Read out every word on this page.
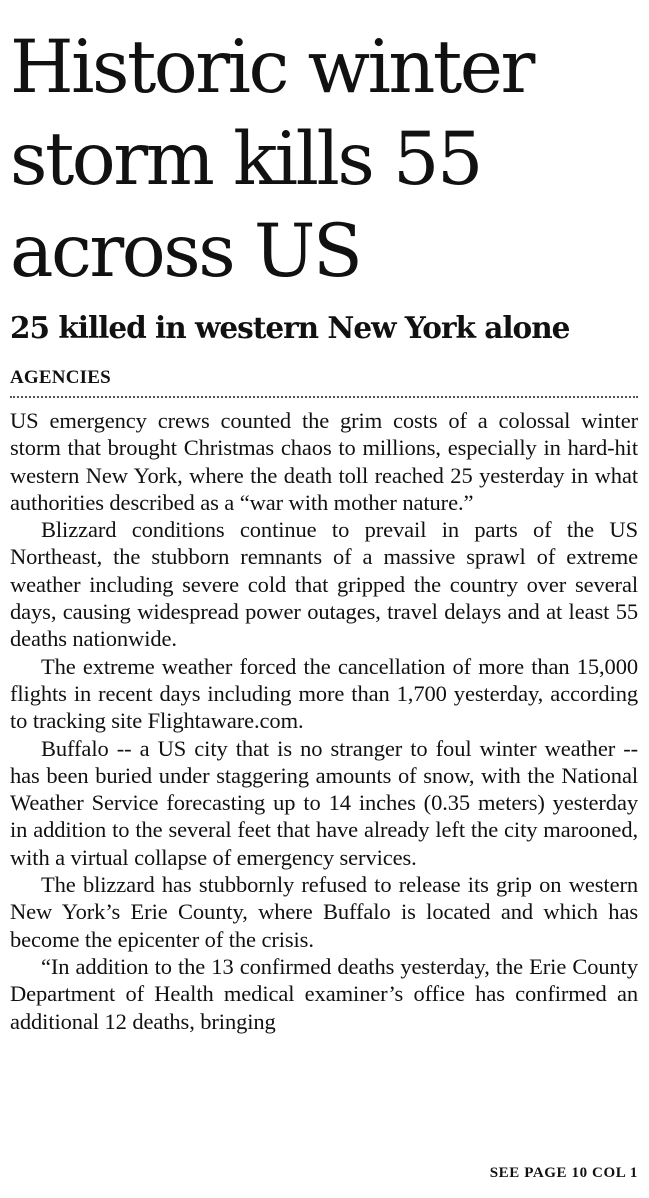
Historic winter
storm kills 55
across US
25 killed in western New York alone
AGENCIES

US emergency crews counted the grim costs of a colossal winter storm that brought Christmas chaos to millions, especially in hard-hit western New York, where the death toll reached 25 yesterday in what authorities described as a “war with mother nature.”

Blizzard conditions continue to prevail in parts of the US Northeast, the stubborn remnants of a massive sprawl of extreme weather including severe cold that gripped the country over several days, causing widespread power outages, travel delays and at least 55 deaths nationwide.

The extreme weather forced the cancellation of more than 15,000 flights in recent days including more than 1,700 yesterday, according to tracking site Flightaware.com.

Buffalo -- a US city that is no stranger to foul winter weather -- has been buried under staggering amounts of snow, with the National Weather Service forecasting up to 14 inches (0.35 meters) yesterday in addition to the several feet that have already left the city marooned, with a virtual collapse of emergency services.

The blizzard has stubbornly refused to release its grip on western New York’s Erie County, where Buffalo is located and which has become the epicenter of the crisis.

“In addition to the 13 confirmed deaths yesterday, the Erie County Department of Health medical examiner’s office has confirmed an additional 12 deaths, bringing

SEE PAGE 10 COL 1
